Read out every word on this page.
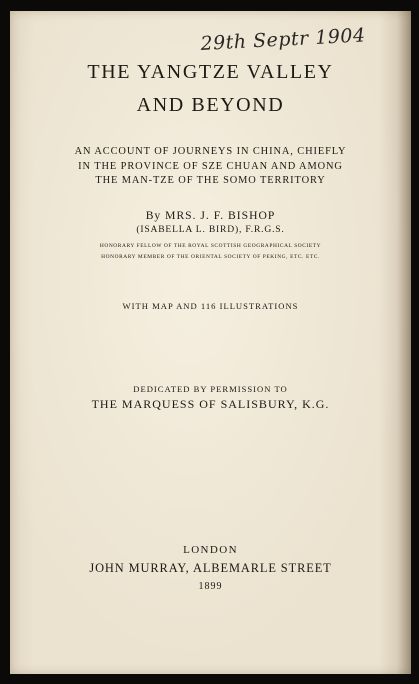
29th Septr 1904

THE YANGTZE VALLEY

AND BEYOND

AN ACCOUNT OF JOURNEYS IN CHINA, CHIEFLY

IN THE PROVINCE OF SZE CHUAN AND AMONG

THE MAN-TZE OF THE SOMO TERRITORY

By MRS. J. F. BISHOP

(ISABELLA L. BIRD), F.R.G.S.

HONORARY FELLOW OF THE ROYAL SCOTTISH GEOGRAPHICAL SOCIETY

HONORARY MEMBER OF THE ORIENTAL SOCIETY OF PEKING, ETC. ETC.

WITH MAP AND 116 ILLUSTRATIONS

DEDICATED BY PERMISSION TO

THE MARQUESS OF SALISBURY, K.G.

LONDON

JOHN MURRAY, ALBEMARLE STREET

1899
